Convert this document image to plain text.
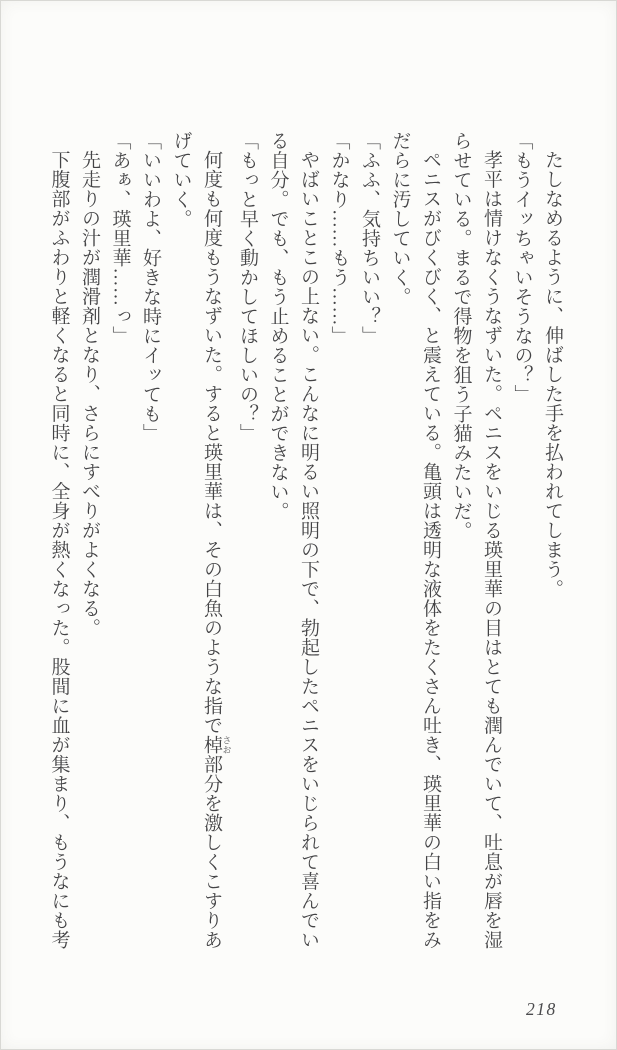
たしなめるように、伸ばした手を払われてしまう。

「もうイッちゃいそうなの？」

孝平は情けなくうなずいた。ペニスをいじる瑛里華の目はとても潤んでいて、吐息が唇を湿

らせている。まるで得物を狙う子猫みたいだ。

ペニスがびくびく、と震えている。亀頭は透明な液体をたくさん吐き、瑛里華の白い指をみ

だらに汚していく。

「ふふ、気持ちいい？」

「かなり……もう……」

やばいことこの上ない。こんなに明るい照明の下で、勃起したペニスをいじられて喜んでい

る自分。でも、もう止めることができない。

「もっと早く動かしてほしいの？」

何度も何度もうなずいた。すると瑛里華は、その白魚のような指で棹 さお部分を激しくこすりあ

げていく。

「いいわよ、好きな時にイッても」

「あぁ、瑛里華……っ」

先走りの汁が潤滑剤となり、さらにすべりがよくなる。

下腹部がふわりと軽くなると同時に、全身が熱くなった。股間に血が集まり、もうなにも考

218
